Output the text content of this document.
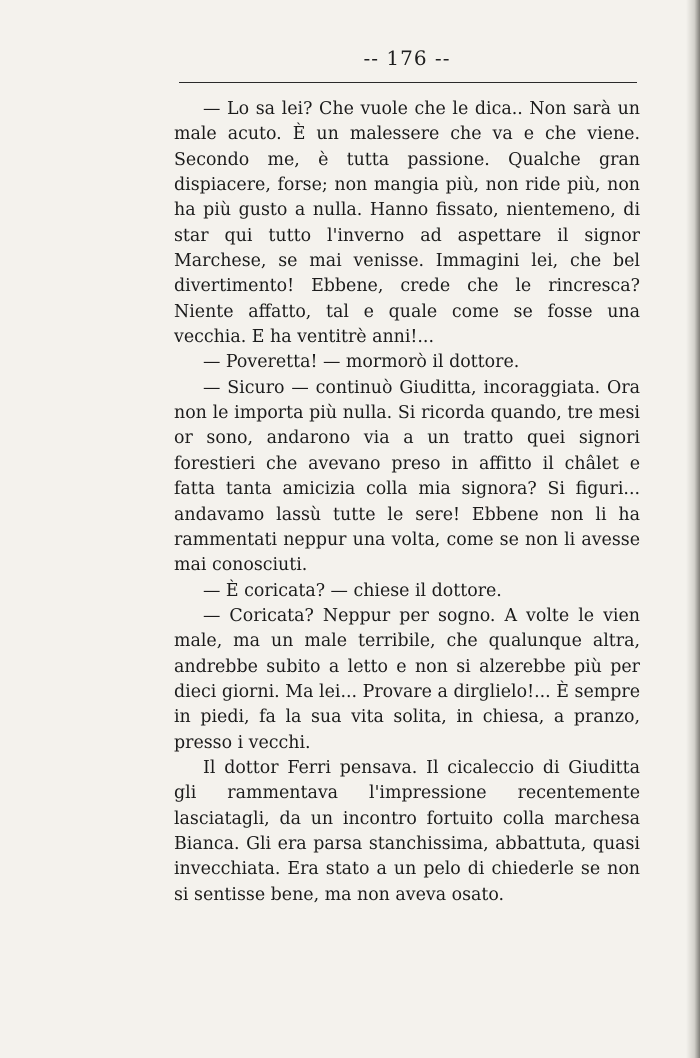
-- 176 --

— Lo sa lei? Che vuole che le dica.. Non sarà un male acuto. È un malessere che va e che viene. Secondo me, è tutta passione. Qualche gran dispiacere, forse; non mangia più, non ride più, non ha più gusto a nulla. Hanno fissato, nientemeno, di star qui tutto l'inverno ad aspettare il signor Marchese, se mai venisse. Immagini lei, che bel divertimento! Ebbene, crede che le rincresca? Niente affatto, tal e quale come se fosse una vecchia. E ha ventitrè anni!...

— Poveretta! — mormorò il dottore.

— Sicuro — continuò Giuditta, incoraggiata. Ora non le importa più nulla. Si ricorda quando, tre mesi or sono, andarono via a un tratto quei signori forestieri che avevano preso in affitto il châlet e fatta tanta amicizia colla mia signora? Si figuri... andavamo lassù tutte le sere! Ebbene non li ha rammentati neppur una volta, come se non li avesse mai conosciuti.

— È coricata? — chiese il dottore.

— Coricata? Neppur per sogno. A volte le vien male, ma un male terribile, che qualunque altra, andrebbe subito a letto e non si alzerebbe più per dieci giorni. Ma lei... Provare a dirglielo!... È sempre in piedi, fa la sua vita solita, in chiesa, a pranzo, presso i vecchi.

Il dottor Ferri pensava. Il cicaleccio di Giuditta gli rammentava l'impressione recentemente lasciatagli, da un incontro fortuito colla marchesa Bianca. Gli era parsa stanchissima, abbattuta, quasi invecchiata. Era stato a un pelo di chiederle se non si sentisse bene, ma non aveva osato.
